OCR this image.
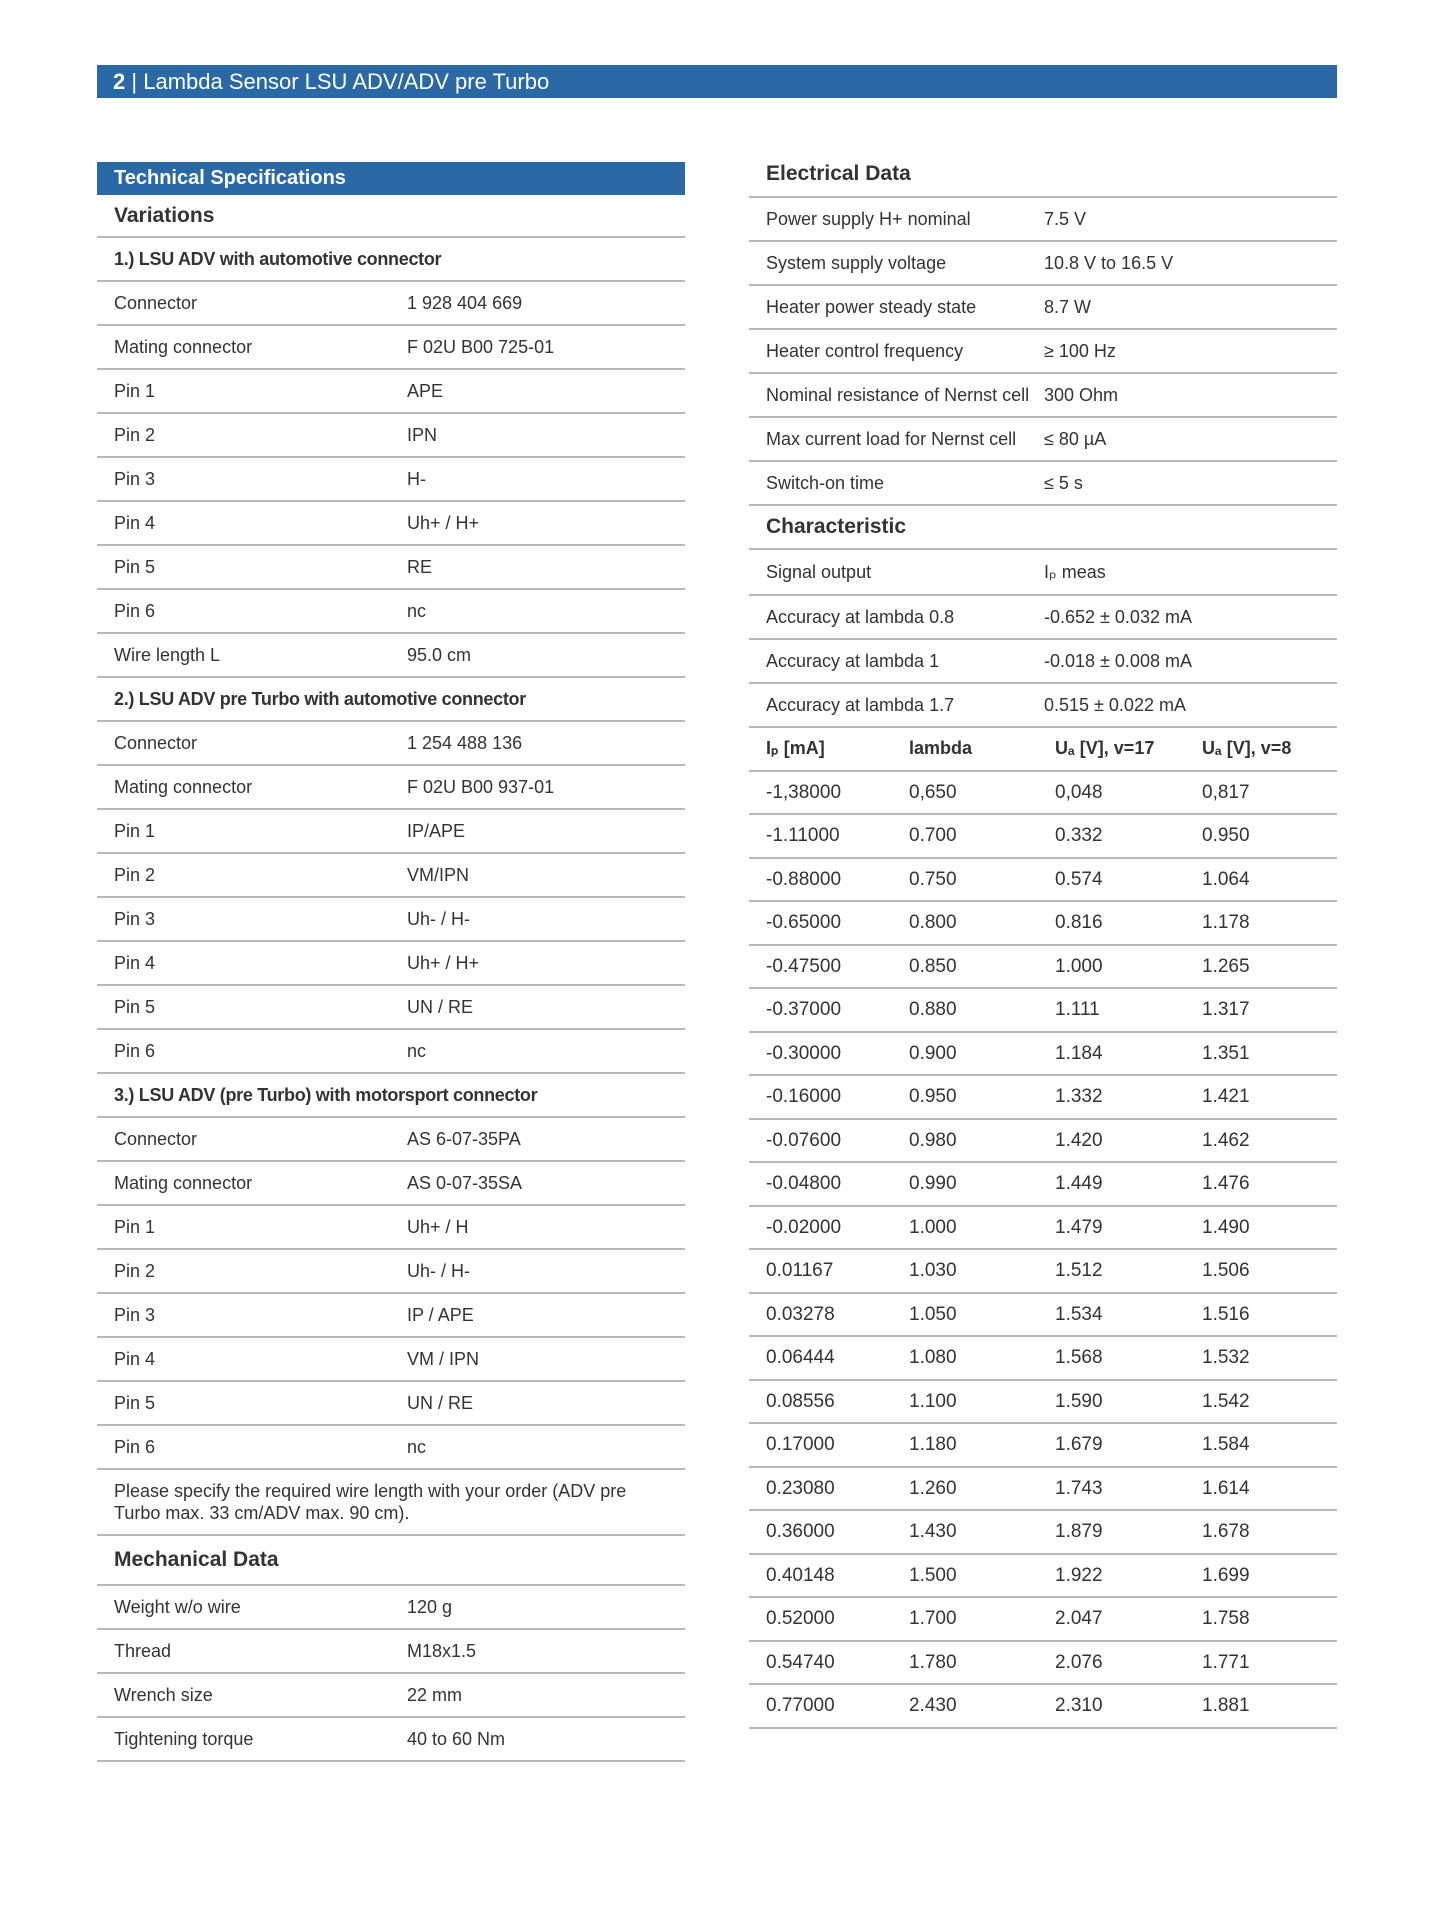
2 | Lambda Sensor LSU ADV/ADV pre Turbo
Technical Specifications
Variations
1.) LSU ADV with automotive connector
Connector	1 928 404 669
Mating connector	F 02U B00 725-01
Pin 1	APE
Pin 2	IPN
Pin 3	H-
Pin 4	Uh+ / H+
Pin 5	RE
Pin 6	nc
Wire length L	95.0 cm
2.) LSU ADV pre Turbo with automotive connector
Connector	1 254 488 136
Mating connector	F 02U B00 937-01
Pin 1	IP/APE
Pin 2	VM/IPN
Pin 3	Uh- / H-
Pin 4	Uh+ / H+
Pin 5	UN / RE
Pin 6	nc
3.) LSU ADV (pre Turbo) with motorsport connector
Connector	AS 6-07-35PA
Mating connector	AS 0-07-35SA
Pin 1	Uh+ / H
Pin 2	Uh- / H-
Pin 3	IP / APE
Pin 4	VM / IPN
Pin 5	UN / RE
Pin 6	nc
Please specify the required wire length with your order (ADV pre Turbo max. 33 cm/ADV max. 90 cm).
Mechanical Data
Weight w/o wire	120 g
Thread	M18x1.5
Wrench size	22 mm
Tightening torque	40 to 60 Nm
Electrical Data
Power supply H+ nominal	7.5 V
System supply voltage	10.8 V to 16.5 V
Heater power steady state	8.7 W
Heater control frequency	≥ 100 Hz
Nominal resistance of Nernst cell 300 Ohm
Max current load for Nernst cell ≤ 80 µA
Switch-on time	≤ 5 s
Characteristic
Signal output	Iₚ meas
Accuracy at lambda 0.8	-0.652 ± 0.032 mA
Accuracy at lambda 1	-0.018 ± 0.008 mA
Accuracy at lambda 1.7	0.515 ± 0.022 mA
Iₚ [mA]	lambda	Uₐ [V], v=17	Uₐ [V], v=8
-1,38000	0,650	0,048	0,817
-1.11000	0.700	0.332	0.950
-0.88000	0.750	0.574	1.064
-0.65000	0.800	0.816	1.178
-0.47500	0.850	1.000	1.265
-0.37000	0.880	1.111	1.317
-0.30000	0.900	1.184	1.351
-0.16000	0.950	1.332	1.421
-0.07600	0.980	1.420	1.462
-0.04800	0.990	1.449	1.476
-0.02000	1.000	1.479	1.490
0.01167	1.030	1.512	1.506
0.03278	1.050	1.534	1.516
0.06444	1.080	1.568	1.532
0.08556	1.100	1.590	1.542
0.17000	1.180	1.679	1.584
0.23080	1.260	1.743	1.614
0.36000	1.430	1.879	1.678
0.40148	1.500	1.922	1.699
0.52000	1.700	2.047	1.758
0.54740	1.780	2.076	1.771
0.77000	2.430	2.310	1.881
